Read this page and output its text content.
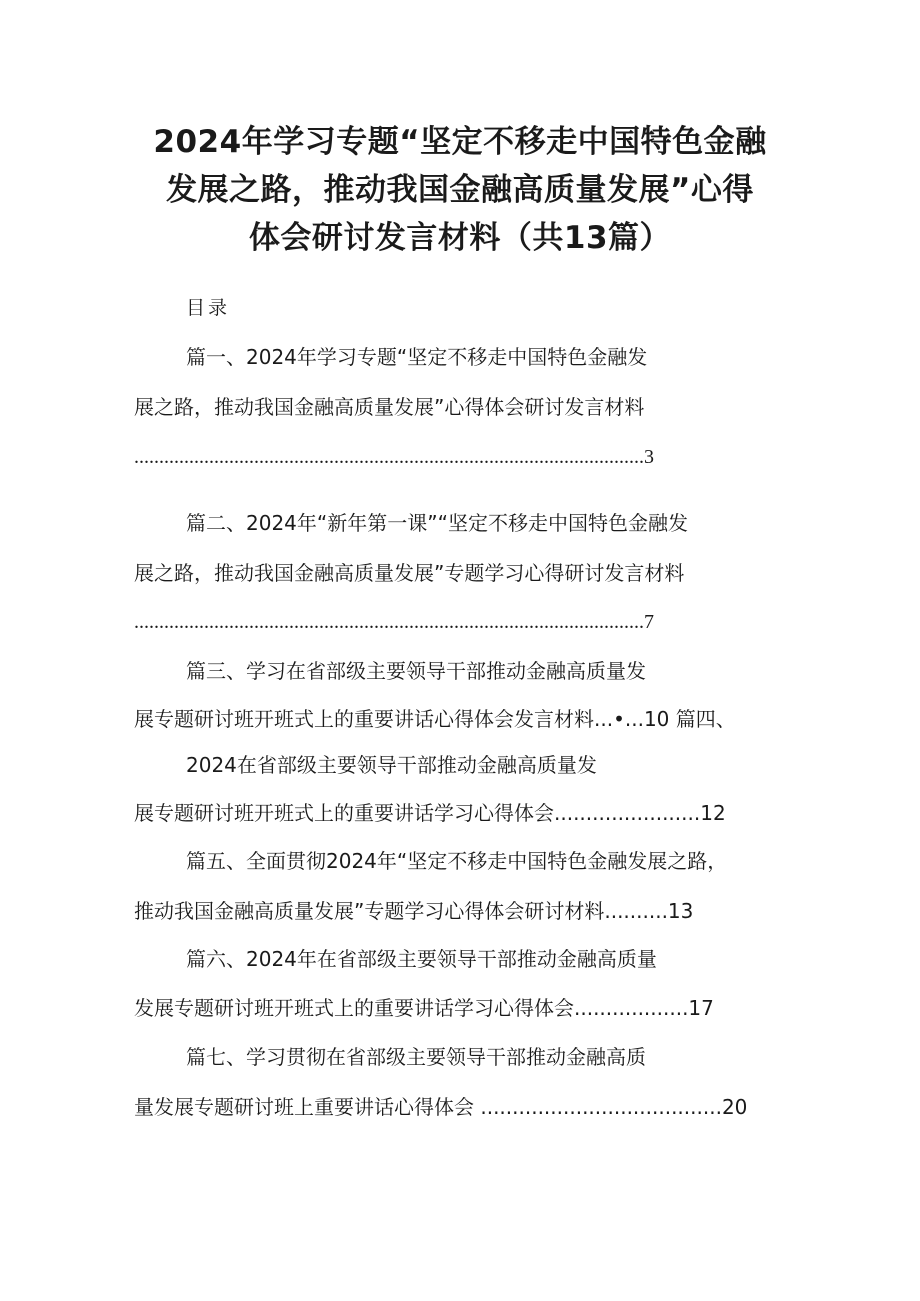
2024年学习专题“坚定不移走中国特色金融
发展之路，推动我国金融高质量发展”心得
体会研讨发言材料（共13篇）
目录
篇一、2024年学习专题“坚定不移走中国特色金融发
展之路，推动我国金融高质量发展”心得体会研讨发言材料
......................................................................................................3
篇二、2024年“新年第一课”“坚定不移走中国特色金融发
展之路，推动我国金融高质量发展”专题学习心得研讨发言材料
......................................................................................................7
篇三、学习在省部级主要领导干部推动金融高质量发
展专题研讨班开班式上的重要讲话心得体会发言材料...•...10 篇四、
2024在省部级主要领导干部推动金融高质量发
展专题研讨班开班式上的重要讲话学习心得体会.......................12
篇五、全面贯彻2024年“坚定不移走中国特色金融发展之路，
推动我国金融高质量发展”专题学习心得体会研讨材料..........13
篇六、2024年在省部级主要领导干部推动金融高质量
发展专题研讨班开班式上的重要讲话学习心得体会..................17
篇七、学习贯彻在省部级主要领导干部推动金融高质
量发展专题研讨班上重要讲话心得体会 ......................................20
